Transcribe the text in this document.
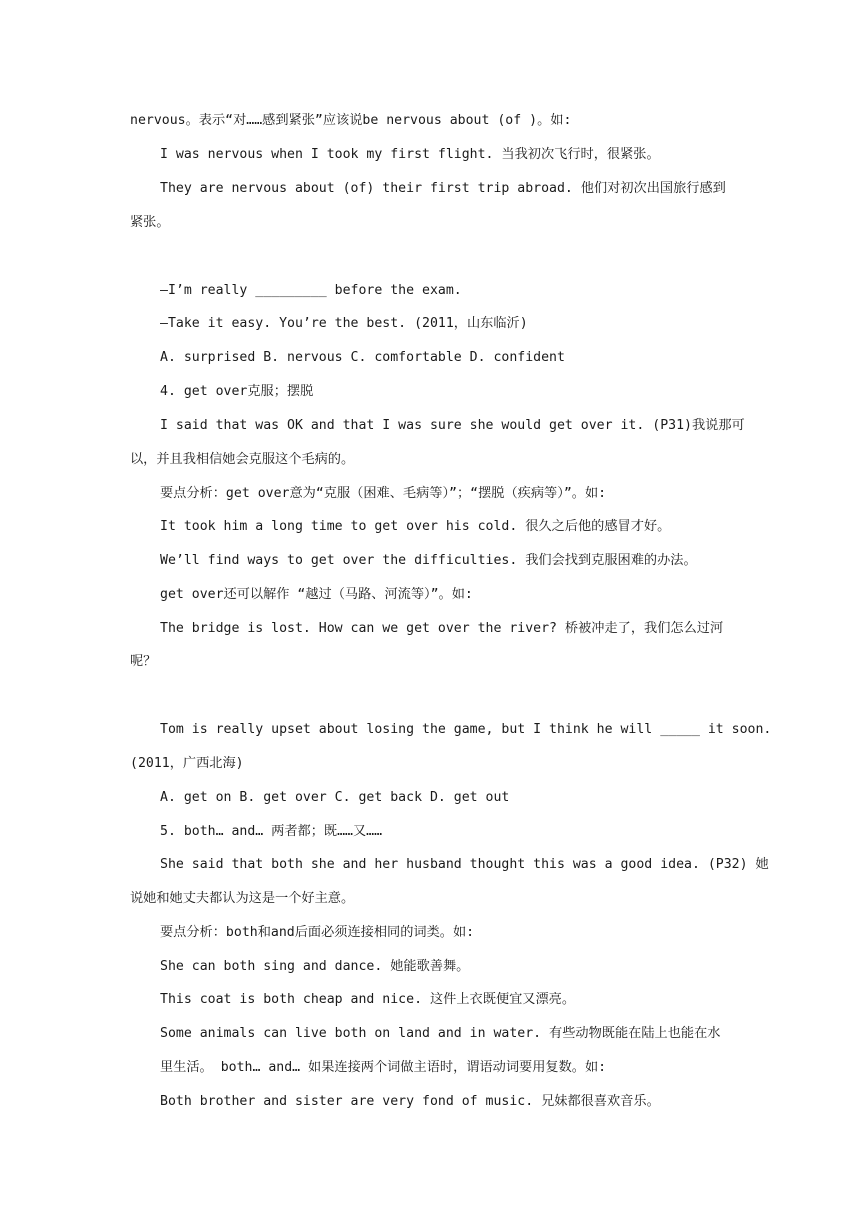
nervous。表示“对……感到紧张”应该说be nervous about (of )。如:
I was nervous when I took my first flight. 当我初次飞行时，很紧张。
They are nervous about (of) their first trip abroad. 他们对初次出国旅行感到
紧张。
—I’m really _________ before the exam.
—Take it easy. You’re the best. (2011，山东临沂)
A. surprised B. nervous C. comfortable D. confident
4. get over克服；摆脱
I said that was OK and that I was sure she would get over it. (P31)我说那可
以，并且我相信她会克服这个毛病的。
要点分析：get over意为“克服（困难、毛病等）”；“摆脱（疾病等）”。如:
It took him a long time to get over his cold. 很久之后他的感冒才好。
We’ll find ways to get over the difficulties. 我们会找到克服困难的办法。
get over还可以解作 “越过（马路、河流等）”。如:
The bridge is lost. How can we get over the river? 桥被冲走了，我们怎么过河
呢？
Tom is really upset about losing the game, but I think he will _____ it soon.
(2011，广西北海)
A. get on B. get over C. get back D. get out
5. both… and… 两者都；既……又……
She said that both she and her husband thought this was a good idea. (P32) 她
说她和她丈夫都认为这是一个好主意。
要点分析：both和and后面必须连接相同的词类。如:
She can both sing and dance. 她能歌善舞。
This coat is both cheap and nice. 这件上衣既便宜又漂亮。
Some animals can live both on land and in water. 有些动物既能在陆上也能在水
里生活。 both… and… 如果连接两个词做主语时，谓语动词要用复数。如:
Both brother and sister are very fond of music. 兄妹都很喜欢音乐。
